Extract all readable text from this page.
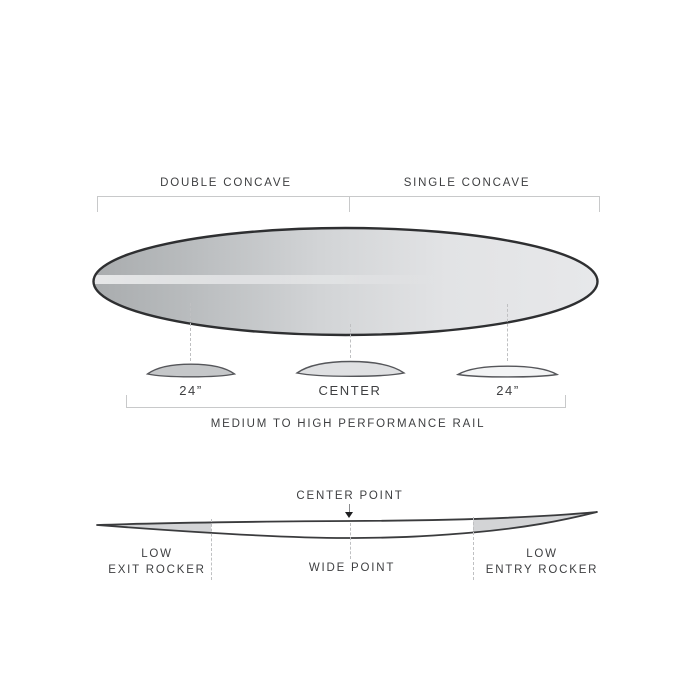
DOUBLE CONCAVE	SINGLE CONCAVE
24”	CENTER	24”
MEDIUM TO HIGH PERFORMANCE RAIL
CENTER POINT
LOW
EXIT ROCKER	WIDE POINT
LOW
ENTRY ROCKER
